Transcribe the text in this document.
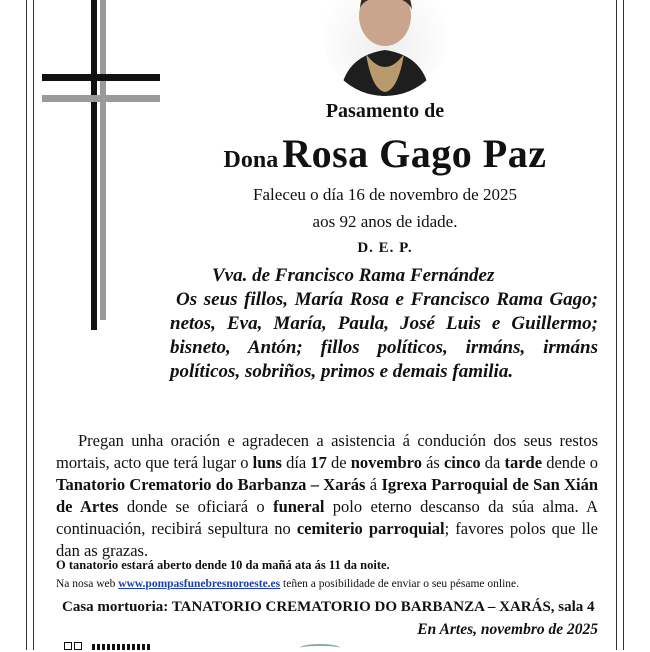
Pasamento de
Dona Rosa Gago Paz
Faleceu o día 16 de novembro de 2025
aos 92 anos de idade.
D. E. P.
Vva. de Francisco Rama Fernández
Os seus fillos, María Rosa e Francisco Rama Gago; netos, Eva, María, Paula, José Luis e Guillermo; bisneto, Antón; fillos políticos, irmáns, irmáns políticos, sobriños, primos e demais familia.

Pregan unha oración e agradecen a asistencia á condución dos seus restos mortais, acto que terá lugar o luns día 17 de novembro ás cinco da tarde dende o Tanatorio Crematorio do Barbanza – Xarás á Igrexa Parroquial de San Xián de Artes donde se oficiará o funeral polo eterno descanso da súa alma. A continuación, recibirá sepultura no cemiterio parroquial; favores polos que lle dan as grazas.

O tanatorio estará aberto dende 10 da mañá ata ás 11 da noite.
Na nosa web www.pompasfunebresnoroeste.es teñen a posibilidade de enviar o seu pésame online.
Casa mortuoria: TANATORIO CREMATORIO DO BARBANZA – XARÁS, sala 4
En Artes, novembro de 2025
